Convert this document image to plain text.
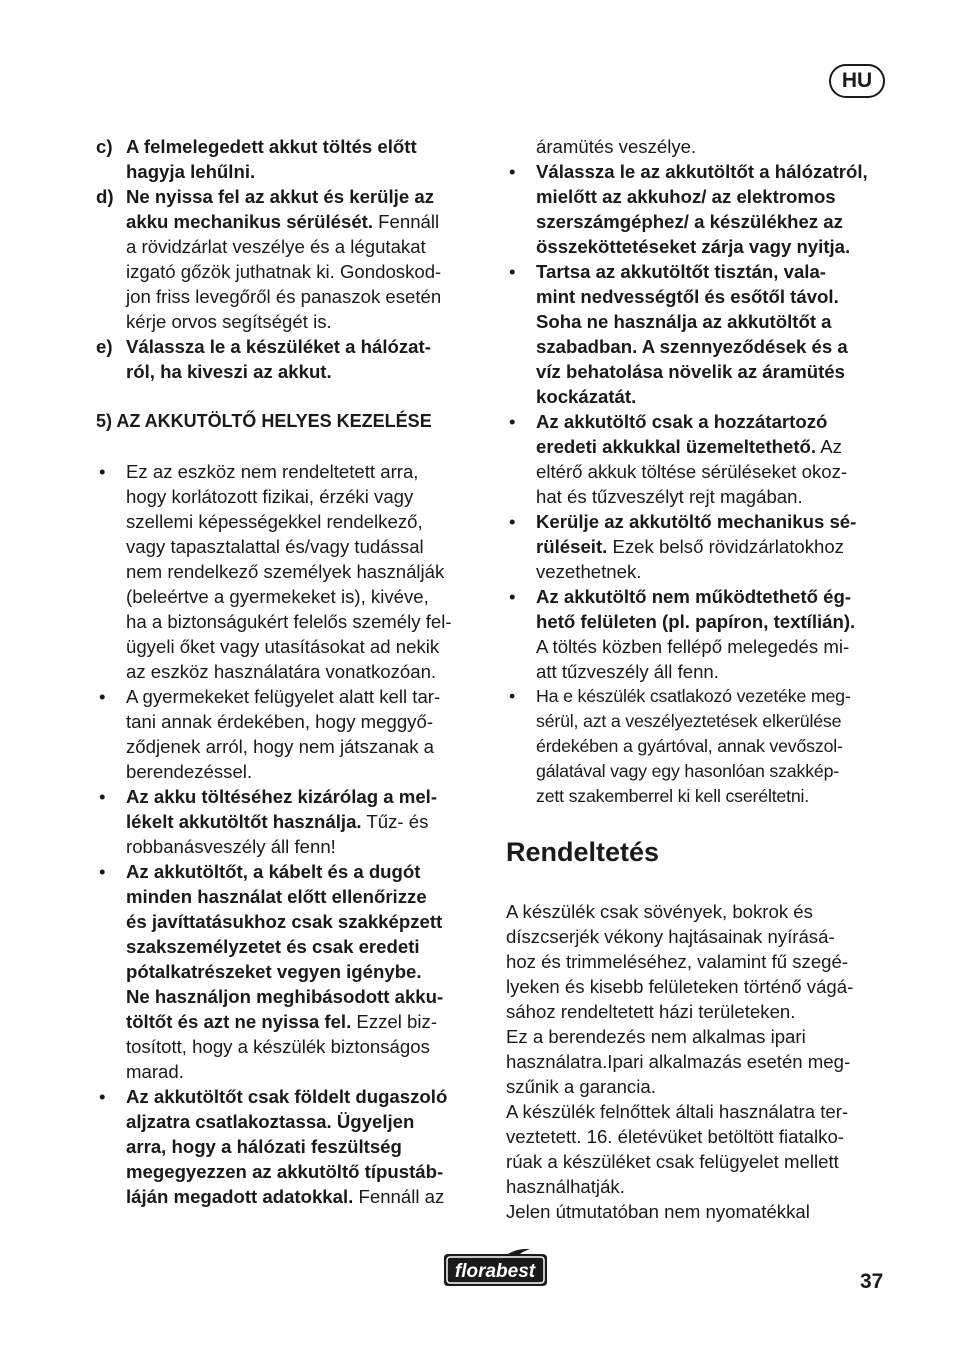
HU
c) A felmelegedett akkut töltés előtt
hagyja lehűlni.
d) Ne nyissa fel az akkut és kerülje az
akku mechanikus sérülését. Fennáll
a rövidzárlat veszélye és a légutakat
izgató gőzök juthatnak ki. Gondoskod-
jon friss levegőről és panaszok esetén
kérje orvos segítségét is.
e) Válassza le a készüléket a hálózat-
ról, ha kiveszi az akkut.
5) AZ AKKUTÖLTŐ HELYES KEZELÉSE
•	Ez az eszköz nem rendeltetett arra,
hogy korlátozott fizikai, érzéki vagy
szellemi képességekkel rendelkező,
vagy tapasztalattal és/vagy tudással
nem rendelkező személyek használják
(beleértve a gyermekeket is), kivéve,
ha a biztonságukért felelős személy fel-
ügyeli őket vagy utasításokat ad nekik
az eszköz használatára vonatkozóan.
•	A gyermekeket felügyelet alatt kell tar-
tani annak érdekében, hogy meggyő-
ződjenek arról, hogy nem játszanak a
berendezéssel.
•	Az akku töltéséhez kizárólag a mel-
lékelt akkutöltőt használja. Tűz- és
robbanásveszély áll fenn!
•	Az akkutöltőt, a kábelt és a dugót
minden használat előtt ellenőrizze
és javíttatásukhoz csak szakképzett
szakszemélyzetet és csak eredeti
pótalkatrészeket vegyen igénybe.
Ne használjon meghibásodott akku-
töltőt és azt ne nyissa fel. Ezzel biz-
tosított, hogy a készülék biztonságos
marad.
•	Az akkutöltőt csak földelt dugaszoló
aljzatra csatlakoztassa. Ügyeljen
arra, hogy a hálózati feszültség
megegyezzen az akkutöltő típustáb-
láján megadott adatokkal. Fennáll az
áramütés veszélye.
•	Válassza le az akkutöltőt a hálózatról,
mielőtt az akkuhoz/ az elektromos
szerszámgéphez/ a készülékhez az
összeköttetéseket zárja vagy nyitja.
•	Tartsa az akkutöltőt tisztán, vala-
mint nedvességtől és esőtől távol.
Soha ne használja az akkutöltőt a
szabadban. A szennyeződések és a
víz behatolása növelik az áramütés
kockázatát.
•	Az akkutöltő csak a hozzátartozó
eredeti akkukkal üzemeltethető. Az
eltérő akkuk töltése sérüléseket okoz-
hat és tűzveszélyt rejt magában.
•	Kerülje az akkutöltő mechanikus sé-
rüléseit. Ezek belső rövidzárlatokhoz
vezethetnek.
•	Az akkutöltő nem működtethető ég-
hető felületen (pl. papíron, textílián).
A töltés közben fellépő melegedés mi-
att tűzveszély áll fenn.
•	Ha e készülék csatlakozó vezetéke meg-
sérül, azt a veszélyeztetések elkerülése
érdekében a gyártóval, annak vevőszol-
gálatával vagy egy hasonlóan szakkép-
zett szakemberrel ki kell cseréltetni.
Rendeltetés
A készülék csak sövények, bokrok és
díszcserjék vékony hajtásainak nyírásá-
hoz és trimmeléséhez, valamint fű szegé-
lyeken és kisebb felületeken történő vágá-
sához rendeltetett házi területeken.
Ez a berendezés nem alkalmas ipari
használatra.Ipari alkalmazás esetén meg-
szűnik a garancia.
A készülék felnőttek általi használatra ter-
veztetett. 16. életévüket betöltött fiatalko-
rúak a készüléket csak felügyelet mellett
használhatják.
Jelen útmutatóban nem nyomatékkal
florabest	37
